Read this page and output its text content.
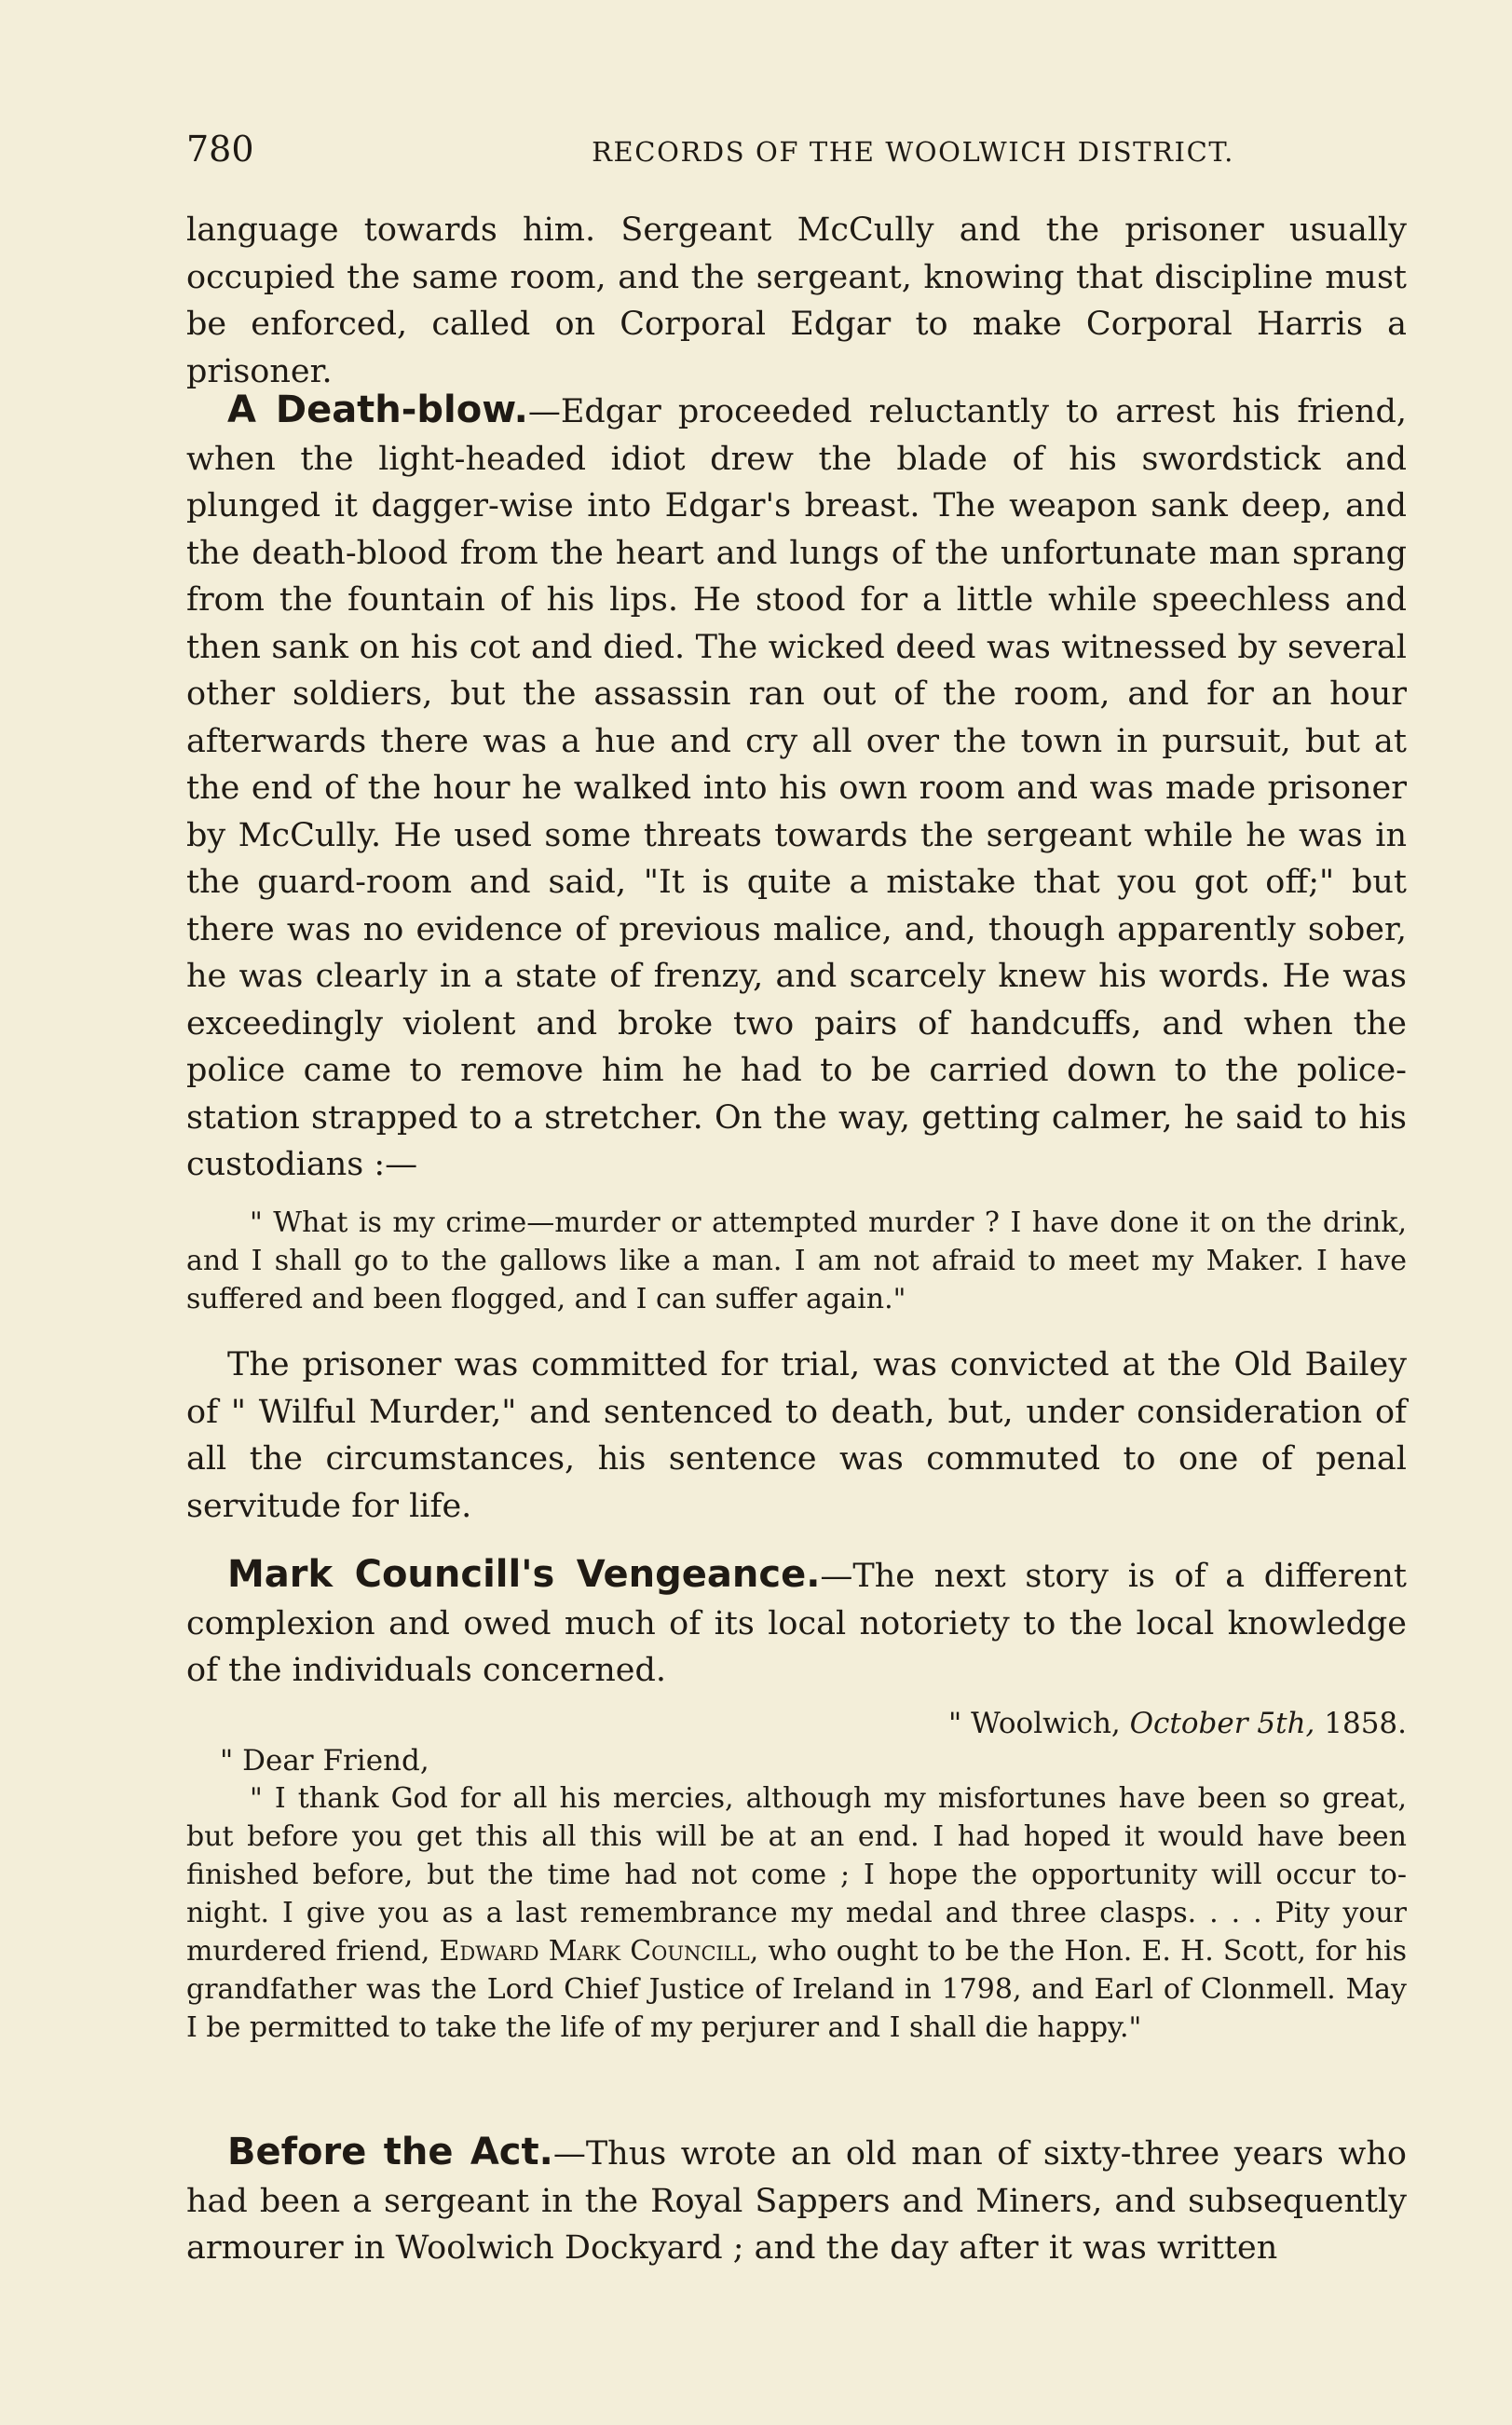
780	RECORDS OF THE WOOLWICH DISTRICT.

language towards him. Sergeant McCully and the prisoner usually occupied the same room, and the sergeant, knowing that discipline must be enforced, called on Corporal Edgar to make Corporal Harris a prisoner.

A Death-blow.—Edgar proceeded reluctantly to arrest his friend, when the light-headed idiot drew the blade of his swordstick and plunged it dagger-wise into Edgar's breast. The weapon sank deep, and the death-blood from the heart and lungs of the unfortunate man sprang from the fountain of his lips. He stood for a little while speechless and then sank on his cot and died. The wicked deed was witnessed by several other soldiers, but the assassin ran out of the room, and for an hour afterwards there was a hue and cry all over the town in pursuit, but at the end of the hour he walked into his own room and was made prisoner by McCully. He used some threats towards the sergeant while he was in the guard-room and said, "It is quite a mistake that you got off;" but there was no evidence of previous malice, and, though apparently sober, he was clearly in a state of frenzy, and scarcely knew his words. He was exceedingly violent and broke two pairs of handcuffs, and when the police came to remove him he had to be carried down to the police-station strapped to a stretcher. On the way, getting calmer, he said to his custodians :—

" What is my crime—murder or attempted murder ? I have done it on the drink, and I shall go to the gallows like a man. I am not afraid to meet my Maker. I have suffered and been flogged, and I can suffer again."

The prisoner was committed for trial, was convicted at the Old Bailey of " Wilful Murder," and sentenced to death, but, under consideration of all the circumstances, his sentence was commuted to one of penal servitude for life.

Mark Councill's Vengeance.—The next story is of a different complexion and owed much of its local notoriety to the local knowledge of the individuals concerned.

" Woolwich, October 5th, 1858.
" Dear Friend,

" I thank God for all his mercies, although my misfortunes have been so great, but before you get this all this will be at an end. I had hoped it would have been finished before, but the time had not come ; I hope the opportunity will occur to-night. I give you as a last remembrance my medal and three clasps. . . . Pity your murdered friend, Edward Mark Councill, who ought to be the Hon. E. H. Scott, for his grandfather was the Lord Chief Justice of Ireland in 1798, and Earl of Clonmell. May I be permitted to take the life of my perjurer and I shall die happy."

Before the Act.—Thus wrote an old man of sixty-three years who had been a sergeant in the Royal Sappers and Miners, and subsequently armourer in Woolwich Dockyard ; and the day after it was written
